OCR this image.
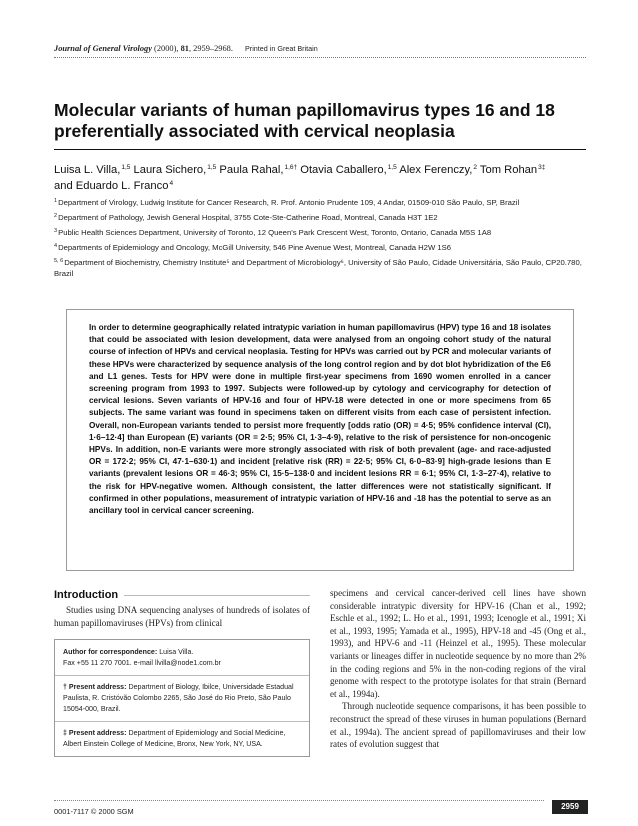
Journal of General Virology (2000), 81, 2959–2968. Printed in Great Britain
Molecular variants of human papillomavirus types 16 and 18 preferentially associated with cervical neoplasia
Luisa L. Villa,$^{1,5}$ Laura Sichero,$^{1,5}$ Paula Rahal,$^{1,6\dagger}$ Otavia Caballero,$^{1,5}$ Alex Ferenczy,$^2$ Tom Rohan$^{3\ddagger}$
and Eduardo L. Franco$^4$
$^1$Department of Virology, Ludwig Institute for Cancer Research, R. Prof. Antonio Prudente 109, 4 Andar, 01509-010 São Paulo, SP, Brazil
$^2$Department of Pathology, Jewish General Hospital, 3755 Cote-Ste-Catherine Road, Montreal, Canada H3T 1E2
$^3$Public Health Sciences Department, University of Toronto, 12 Queen's Park Crescent West, Toronto, Ontario, Canada M5S 1A8
$^4$Departments of Epidemiology and Oncology, McGill University, 546 Pine Avenue West, Montreal, Canada H2W 1S6
$^{5, 6}$Department of Biochemistry, Chemistry Institute⁵ and Department of Microbiology⁶, University of São Paulo, Cidade Universitária, São Paulo, CP20.780, Brazil

In order to determine geographically related intratypic variation in human papillomavirus (HPV) type 16 and 18 isolates that could be associated with lesion development, data were analysed from an ongoing cohort study of the natural course of infection of HPVs and cervical neoplasia. Testing for HPVs was carried out by PCR and molecular variants of these HPVs were characterized by sequence analysis of the long control region and by dot blot hybridization of the E6 and L1 genes. Tests for HPV were done in multiple first-year specimens from 1690 women enrolled in a cancer screening program from 1993 to 1997. Subjects were followed-up by cytology and cervicography for detection of cervical lesions. Seven variants of HPV-16 and four of HPV-18 were detected in one or more specimens from 65 subjects. The same variant was found in specimens taken on different visits from each case of persistent infection. Overall, non-European variants tended to persist more frequently [odds ratio (OR) = 4·5; 95% confidence interval (CI), 1·6–12·4] than European (E) variants (OR = 2·5; 95% CI, 1·3–4·9), relative to the risk of persistence for non-oncogenic HPVs. In addition, non-E variants were more strongly associated with risk of both prevalent (age- and race-adjusted OR = 172·2; 95% CI, 47·1–630·1) and incident [relative risk (RR) = 22·5; 95% CI, 6·0–83·9] high-grade lesions than E variants (prevalent lesions OR = 46·3; 95% CI, 15·5–138·0 and incident lesions RR = 6·1; 95% CI, 1·3–27·4), relative to the risk for HPV-negative women. Although consistent, the latter differences were not statistically significant. If confirmed in other populations, measurement of intratypic variation of HPV-16 and -18 has the potential to serve as an ancillary tool in cervical cancer screening.

Introduction

Studies using DNA sequencing analyses of hundreds of isolates of human papillomaviruses (HPVs) from clinical

Author for correspondence: Luisa Villa.
Fax +55 11 270 7001. e-mail llvilla@node1.com.br

† Present address: Department of Biology, Ibilce, Universidade Estadual Paulista, R. Cristóvão Colombo 2265, São José do Rio Preto, São Paulo 15054-000, Brazil.

‡ Present address: Department of Epidemiology and Social Medicine, Albert Einstein College of Medicine, Bronx, New York, NY, USA.

specimens and cervical cancer-derived cell lines have shown considerable intratypic diversity for HPV-16 (Chan et al., 1992; Eschle et al., 1992; L. Ho et al., 1991, 1993; Icenogle et al., 1991; Xi et al., 1993, 1995; Yamada et al., 1995), HPV-18 and -45 (Ong et al., 1993), and HPV-6 and -11 (Heinzel et al., 1995). These molecular variants or lineages differ in nucleotide sequence by no more than 2% in the coding regions and 5% in the non-coding regions of the viral genome with respect to the prototype isolates for that strain (Bernard et al., 1994a).

Through nucleotide sequence comparisons, it has been possible to reconstruct the spread of these viruses in human populations (Bernard et al., 1994a). The ancient spread of papillomaviruses and their low rates of evolution suggest that

0001-7117 © 2000 SGM
2959
